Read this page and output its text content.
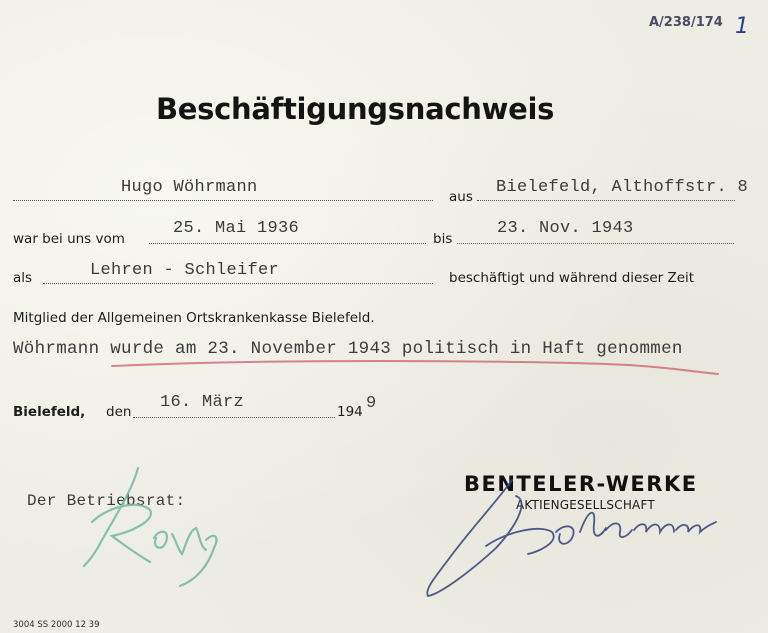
A/238/174 1
Beschäftigungsnachweis
Hugo Wöhrmann	aus Bielefeld, Althoffstr. 8
war bei uns vom
25. Mai 1936
bis
23. Nov. 1943
als	Lehren - Schleifer	beschäftigt und während dieser Zeit
Mitglied der Allgemeinen Ortskrankenkasse Bielefeld.
Wöhrmann wurde am 23. November 1943 politisch in Haft genommen
Bielefeld, den 16. März	194 9
Der Betriebsrat:
BENTELER-WERKE
AKTIENGESELLSCHAFT
3004 SS 2000 12 39
